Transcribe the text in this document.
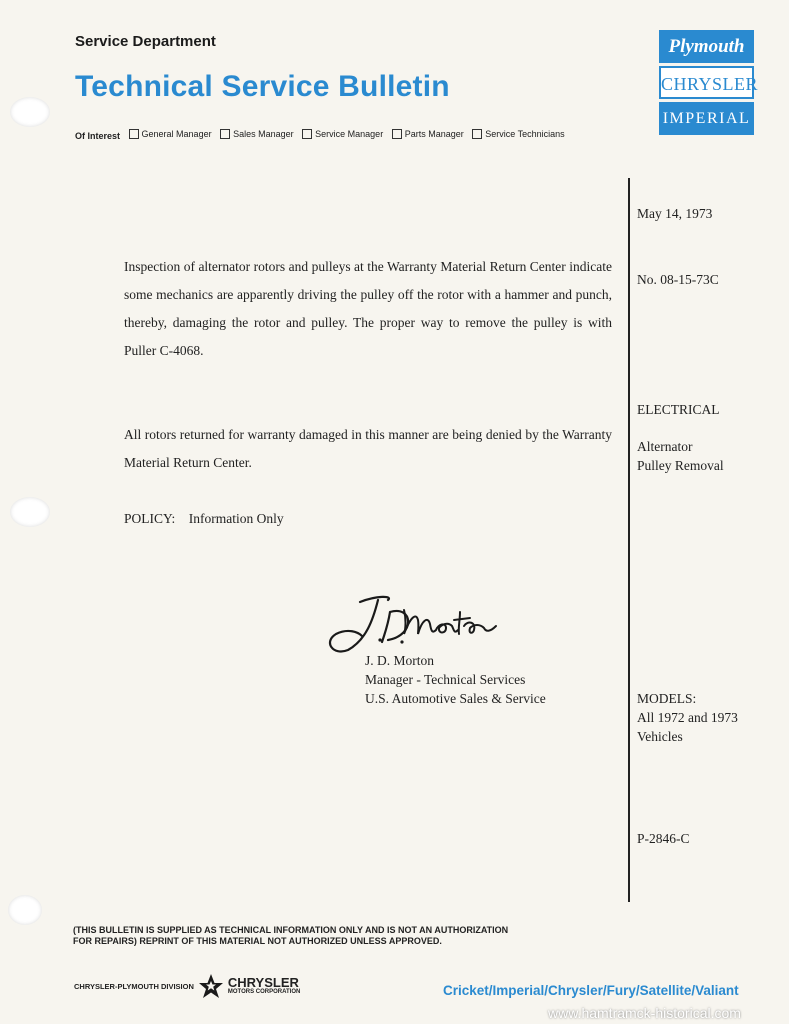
Service Department
Technical Service Bulletin
Of Interest General Manager
Sales Manager
Service Manager
Parts Manager
Service Technicians
Plymouth
CHRYSLER
IMPERIAL
May 14, 1973
No. 08-15-73C
ELECTRICAL
Alternator
Pulley Removal
MODELS:
All 1972 and 1973
Vehicles
P-2846-C
Inspection of alternator rotors and pulleys at the Warranty Material Return Center indicate some mechanics are apparently driving the pulley off the rotor with a hammer and punch, thereby, damaging the rotor and pulley. The proper way to remove the pulley is with Puller C-4068.
All rotors returned for warranty damaged in this manner are being denied by the Warranty Material Return Center.
POLICY: Information Only
J. D. Morton
Manager - Technical Services
U.S. Automotive Sales & Service
(THIS BULLETIN IS SUPPLIED AS TECHNICAL INFORMATION ONLY AND IS NOT AN AUTHORIZATION
FOR REPAIRS) REPRINT OF THIS MATERIAL NOT AUTHORIZED UNLESS APPROVED.
CHRYSLER-PLYMOUTH DIVISION	CHRYSLER
MOTORS CORPORATION	Cricket/Imperial/Chrysler/Fury/Satellite/Valiant
www.hamtramck-historical.com
